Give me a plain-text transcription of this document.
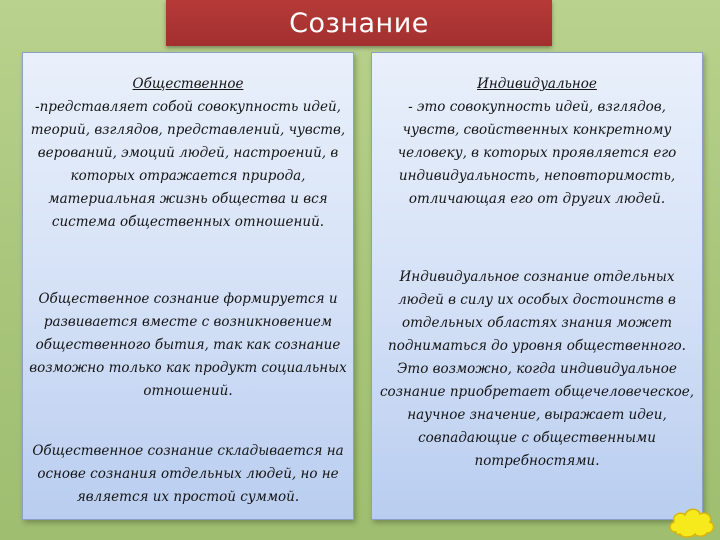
Сознание
Общественное
-представляет собой совокупность идей, теорий, взглядов, представлений, чувств, верований, эмоций людей, настроений, в которых отражается природа, материальная жизнь общества и вся система общественных отношений.
Общественное сознание формируется и развивается вместе с возникновением общественного бытия, так как сознание возможно только как продукт социальных отношений.
Общественное сознание складывается на основе сознания отдельных людей, но не является их простой суммой.
Индивидуальное
- это совокупность идей, взглядов, чувств, свойственных конкретному человеку, в которых проявляется его индивидуальность, неповторимость, отличающая его от других людей.
Индивидуальное сознание отдельных людей в силу их особых достоинств в отдельных областях знания может подниматься до уровня общественного. Это возможно, когда индивидуальное сознание приобретает общечеловеческое, научное значение, выражает идеи, совпадающие с общественными потребностями.
